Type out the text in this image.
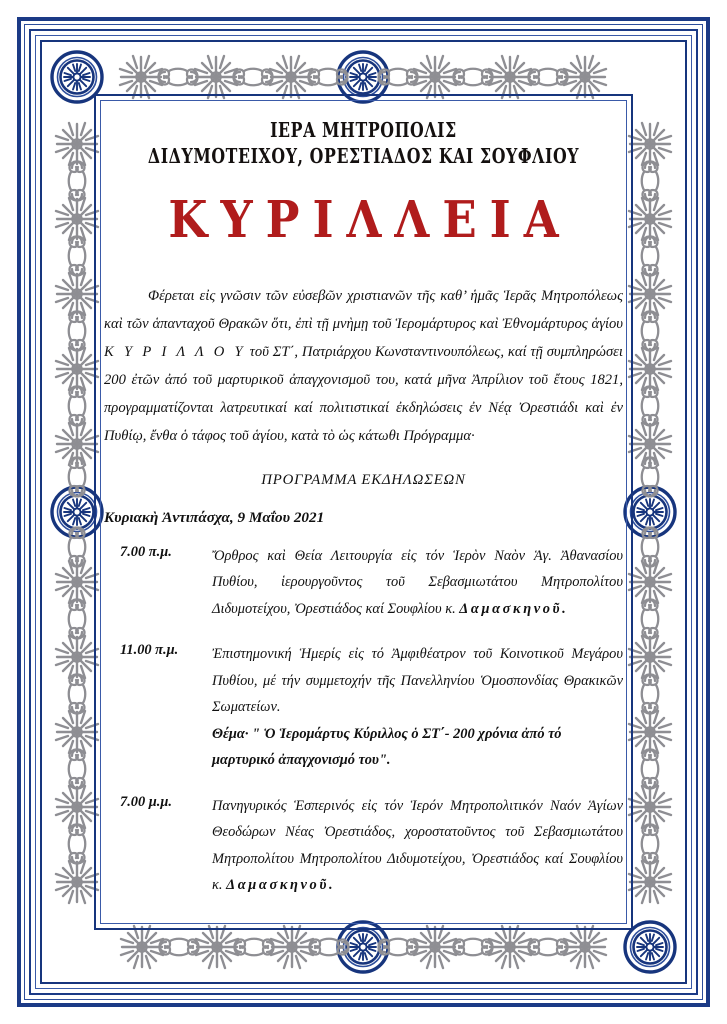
ΙΕΡΑ ΜΗΤΡΟΠΟΛΙΣ
ΔΙΔΥΜΟΤΕΙΧΟΥ, ΟΡΕΣΤΙΑΔΟΣ ΚΑΙ ΣΟΥΦΛΙΟΥ
ΚΥΡΙΛΛΕΙΑ
Φέρεται εἰς γνῶσιν τῶν εὐσεβῶν χριστιανῶν τῆς καθ’ ἡμᾶς Ἱερᾶς Μητροπόλεως καὶ τῶν ἁπανταχοῦ Θρακῶν ὅτι, ἐπὶ τῇ μνὴμῃ τοῦ Ἱερομάρτυρος καὶ Ἐθνομάρτυρος ἁγίου Κ Υ Ρ Ι Λ Λ Ο Υ τοῦ ΣΤ΄, Πατριάρχου Κωνσταντινουπόλεως, καί τῇ συμπληρώσει 200 ἐτῶν ἀπό τοῦ μαρτυρικοῦ ἀπαγχονισμοῦ του, κατά μῆνα Ἀπρίλιον τοῦ ἔτους 1821, προγραμματίζονται λατρευτικαί καί πολιτιστικαί ἐκδηλώσεις ἐν Νέᾳ Ὀρεστιάδι καὶ ἐν Πυθίῳ, ἔνθα ὁ τάφος τοῦ ἁγίου, κατὰ τὸ ὡς κάτωθι Πρόγραμμα·
ΠΡΟΓΡΑΜΜΑ ΕΚΔΗΛΩΣΕΩΝ
Κυριακὴ Ἀντιπάσχα, 9 Μαΐου 2021
7.00 π.μ.	Ὄρθρος καὶ Θεία Λειτουργία εἰς τόν Ἱερὸν Ναὸν Ἁγ. Ἀθανασίου Πυθίου, ἱερουργοῦντος τοῦ Σεβασμιωτάτου Μητροπολίτου Διδυμοτείχου, Ὀρεστιάδος καί Σουφλίου κ. Δαμασκηνοῦ.

11.00 π.μ.	Ἐπιστημονική Ἡμερίς εἰς τό Ἀμφιθέατρον τοῦ Κοινοτικοῦ Μεγάρου Πυθίου, μέ τήν συμμετοχήν τῆς Πανελληνίου Ὁμοσπονδίας Θρακικῶν Σωματείων.

Θέμα· " Ὁ Ἱερομάρτυς Κύριλλος ὁ ΣΤ΄- 200 χρόνια ἀπό τό μαρτυρικό ἀπαγχονισμό του".
7.00 μ.μ.	Πανηγυρικός Ἑσπερινός εἰς τόν Ἱερόν Μητροπολιτικόν Ναόν Ἁγίων Θεοδώρων Νέας Ὀρεστιάδος, χοροστατοῦντος τοῦ Σεβασμιωτάτου Μητροπολίτου Μητροπολίτου Διδυμοτείχου, Ὀρεστιάδος καί Σουφλίου κ. Δαμασκηνοῦ.
